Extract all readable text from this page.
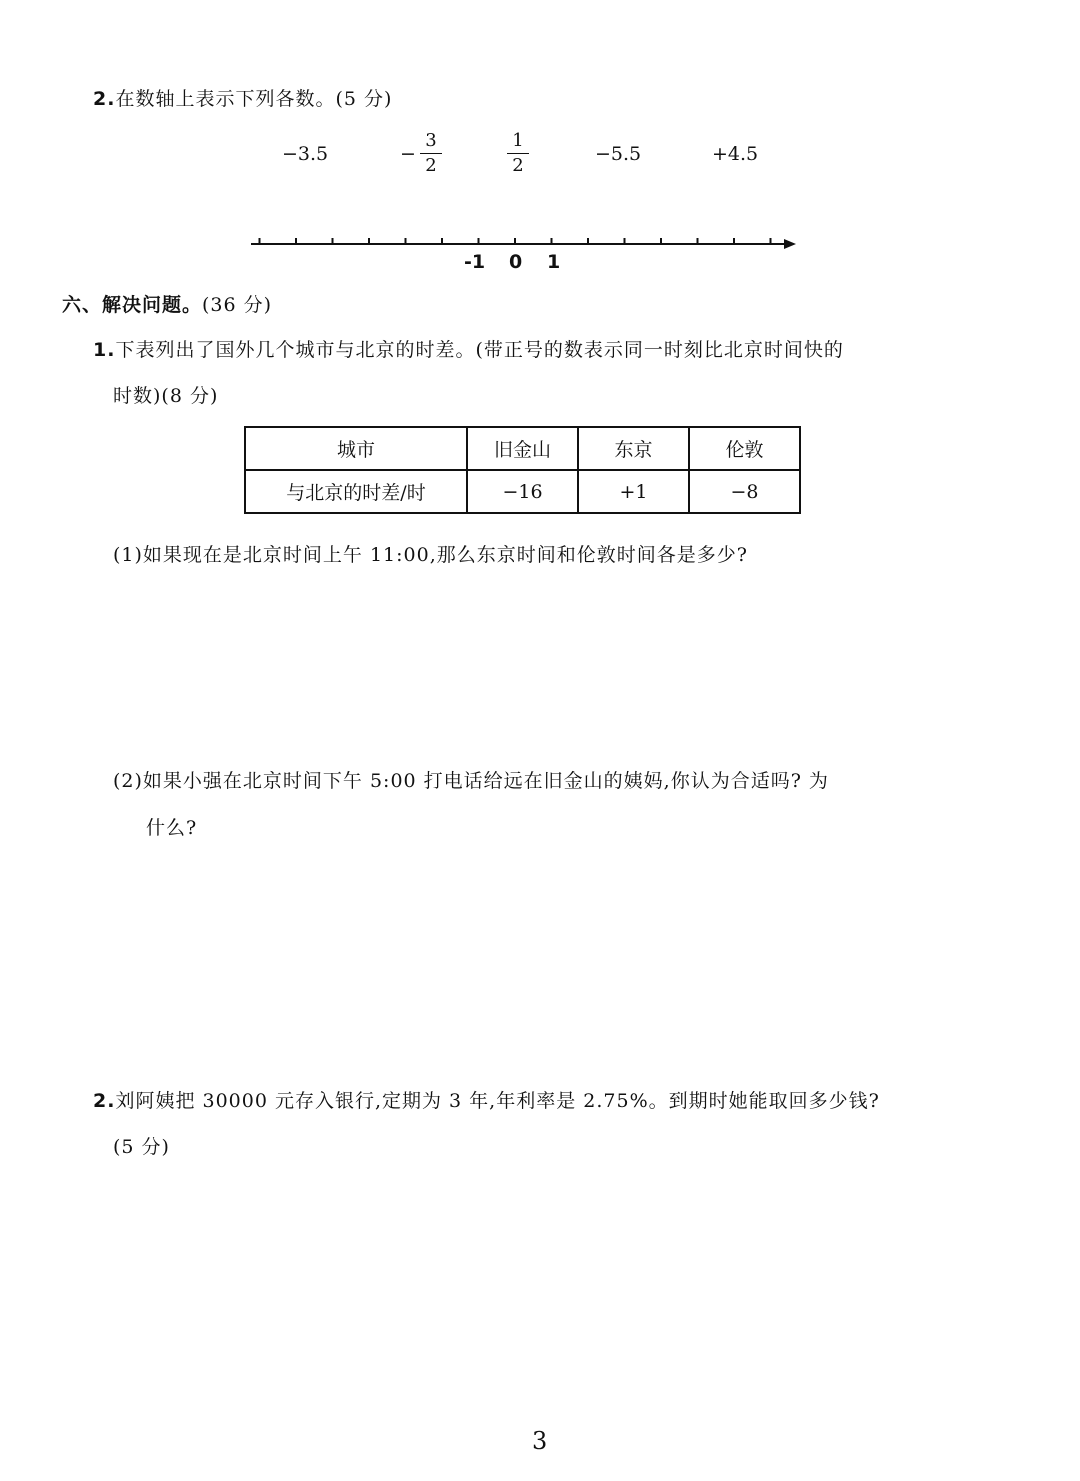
2.在数轴上表示下列各数。(5 分)
−3.5	−
3
2
1
2
−5.5	+4.5
-1 0 1
六、解决问题。(36 分)
1.下表列出了国外几个城市与北京的时差。(带正号的数表示同一时刻比北京时间快的
时数)(8 分)
城市	旧金山	东京	伦敦
与北京的时差/时	−16	+1	−8
(1)如果现在是北京时间上午 11:00,那么东京时间和伦敦时间各是多少?
(2)如果小强在北京时间下午 5:00 打电话给远在旧金山的姨妈,你认为合适吗? 为
什么?
2.刘阿姨把 30000 元存入银行,定期为 3 年,年利率是 2.75%。到期时她能取回多少钱?
(5 分)
3
